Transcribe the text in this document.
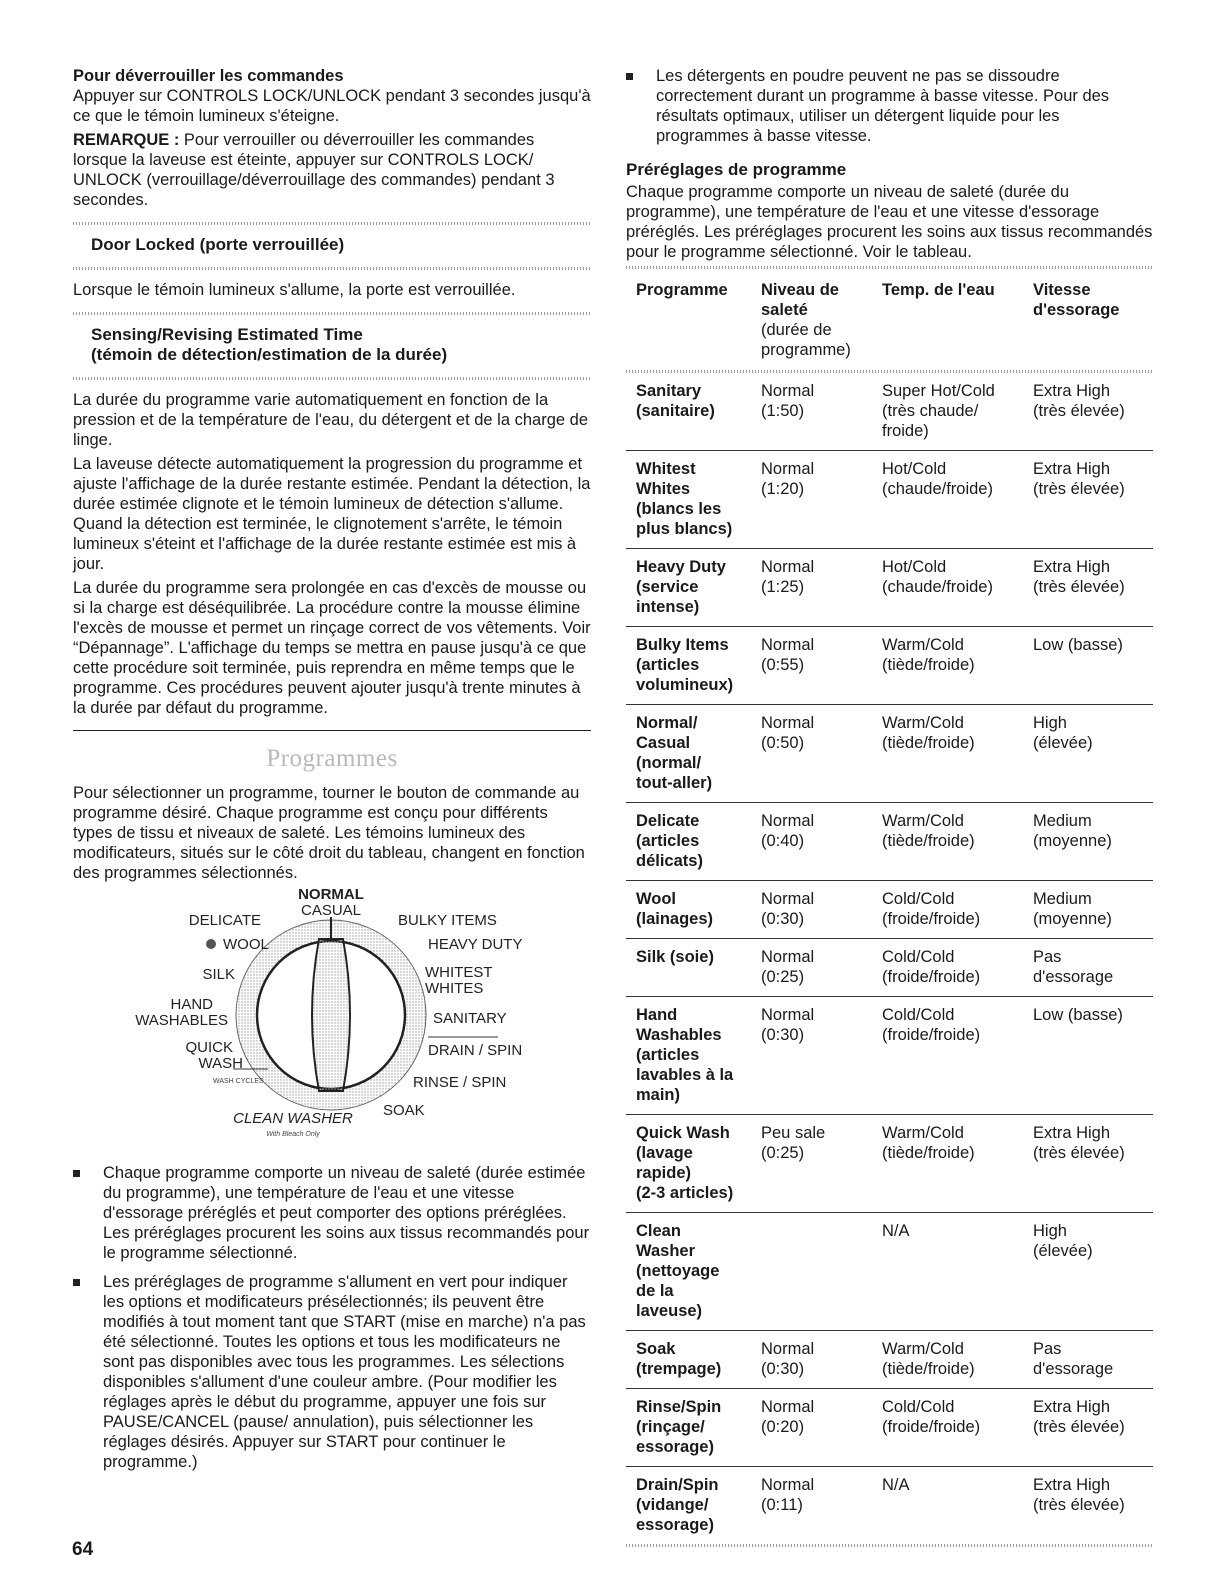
Pour déverrouiller les commandes

Appuyer sur CONTROLS LOCK/UNLOCK pendant 3 secondes jusqu'à ce que le témoin lumineux s'éteigne.

REMARQUE : Pour verrouiller ou déverrouiller les commandes lorsque la laveuse est éteinte, appuyer sur CONTROLS LOCK/ UNLOCK (verrouillage/déverrouillage des commandes) pendant 3 secondes.

Door Locked (porte verrouillée)

Lorsque le témoin lumineux s'allume, la porte est verrouillée.

Sensing/Revising Estimated Time
(témoin de détection/estimation de la durée)

La durée du programme varie automatiquement en fonction de la pression et de la température de l'eau, du détergent et de la charge de linge.

La laveuse détecte automatiquement la progression du programme et ajuste l'affichage de la durée restante estimée. Pendant la détection, la durée estimée clignote et le témoin lumineux de détection s'allume. Quand la détection est terminée, le clignotement s'arrête, le témoin lumineux s'éteint et l'affichage de la durée restante estimée est mis à jour.

La durée du programme sera prolongée en cas d'excès de mousse ou si la charge est déséquilibrée. La procédure contre la mousse élimine l'excès de mousse et permet un rinçage correct de vos vêtements. Voir “Dépannage”. L'affichage du temps se mettra en pause jusqu'à ce que cette procédure soit terminée, puis reprendra en même temps que le programme. Ces procédures peuvent ajouter jusqu'à trente minutes à la durée par défaut du programme.

Programmes

Pour sélectionner un programme, tourner le bouton de commande au programme désiré. Chaque programme est conçu pour différents types de tissu et niveaux de saleté. Les témoins lumineux des modificateurs, situés sur le côté droit du tableau, changent en fonction des programmes sélectionnés.

NORMAL
CASUAL
DELICATE	BULKY ITEMS
WOOL	HEAVY DUTY
SILK	WHITEST
WHITES
HAND
WASHABLES	SANITARY
QUICK
WASH
DRAIN / SPIN
RINSE / SPIN
SOAK
CLEAN WASHER
WASH CYCLES
With Bleach Only
Chaque programme comporte un niveau de saleté (durée estimée du programme), une température de l'eau et une vitesse d'essorage préréglés et peut comporter des options préréglées. Les préréglages procurent les soins aux tissus recommandés pour le programme sélectionné.
Les préréglages de programme s'allument en vert pour indiquer les options et modificateurs présélectionnés; ils peuvent être modifiés à tout moment tant que START (mise en marche) n'a pas été sélectionné. Toutes les options et tous les modificateurs ne sont pas disponibles avec tous les programmes. Les sélections disponibles s'allument d'une couleur ambre. (Pour modifier les réglages après le début du programme, appuyer une fois sur PAUSE/CANCEL (pause/ annulation), puis sélectionner les réglages désirés. Appuyer sur START pour continuer le programme.)
64
Les détergents en poudre peuvent ne pas se dissoudre correctement durant un programme à basse vitesse. Pour des résultats optimaux, utiliser un détergent liquide pour les programmes à basse vitesse.
Préréglages de programme

Chaque programme comporte un niveau de saleté (durée du programme), une température de l'eau et une vitesse d'essorage préréglés. Les préréglages procurent les soins aux tissus recommandés pour le programme sélectionné. Voir le tableau.

Programme	Niveau de
saleté
(durée de
programme)	Temp. de l'eau	Vitesse
d'essorage

Sanitary
(sanitaire)	Normal
(1:50)	Super Hot/Cold
(très chaude/
froide)	Extra High
(très élevée)

Whitest
Whites
(blancs les
plus blancs)	Normal
(1:20)	Hot/Cold
(chaude/froide)	Extra High
(très élevée)

Heavy Duty
(service
intense)	Normal
(1:25)	Hot/Cold
(chaude/froide)	Extra High
(très élevée)

Bulky Items
(articles
volumineux)	Normal
(0:55)	Warm/Cold
(tiède/froide)	Low (basse)

Normal/
Casual
(normal/
tout-aller)	Normal
(0:50)	Warm/Cold
(tiède/froide)	High
(élevée)

Delicate
(articles
délicats)	Normal
(0:40)	Warm/Cold
(tiède/froide)	Medium
(moyenne)

Wool
(lainages)	Normal
(0:30)	Cold/Cold
(froide/froide)	Medium
(moyenne)

Silk (soie)	Normal
(0:25)	Cold/Cold
(froide/froide)	Pas
d'essorage

Hand
Washables
(articles
lavables à la
main)	Normal
(0:30)	Cold/Cold
(froide/froide)	Low (basse)

Quick Wash
(lavage
rapide)
(2-3 articles)	Peu sale
(0:25)	Warm/Cold
(tiède/froide)	Extra High
(très élevée)

Clean
Washer
(nettoyage
de la
laveuse)		N/A	High
(élevée)

Soak
(trempage)	Normal
(0:30)	Warm/Cold
(tiède/froide)	Pas
d'essorage

Rinse/Spin
(rinçage/
essorage)	Normal
(0:20)	Cold/Cold
(froide/froide)	Extra High
(très élevée)

Drain/Spin
(vidange/
essorage)	Normal
(0:11)	N/A	Extra High
(très élevée)
